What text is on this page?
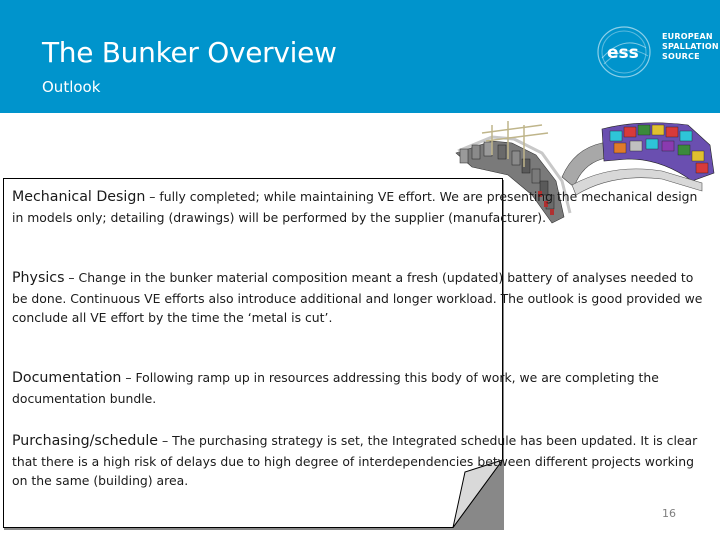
The Bunker Overview
Outlook
ess
EUROPEAN
SPALLATION
SOURCE
Mechanical Design – fully completed; while maintaining VE effort. We are presenting the mechanical design in models only; detailing (drawings) will be performed by the supplier (manufacturer).
Physics – Change in the bunker material composition meant a fresh (updated) battery of analyses needed to be done. Continuous VE efforts also introduce additional and longer workload. The outlook is good provided we conclude all VE effort by the time the ‘metal is cut’.
Documentation – Following ramp up in resources addressing this body of work, we are completing the documentation bundle.
Purchasing/schedule – The purchasing strategy is set, the Integrated schedule has been updated. It is clear that there is a high risk of delays due to high degree of interdependencies between different projects working on the same (building) area.
16
